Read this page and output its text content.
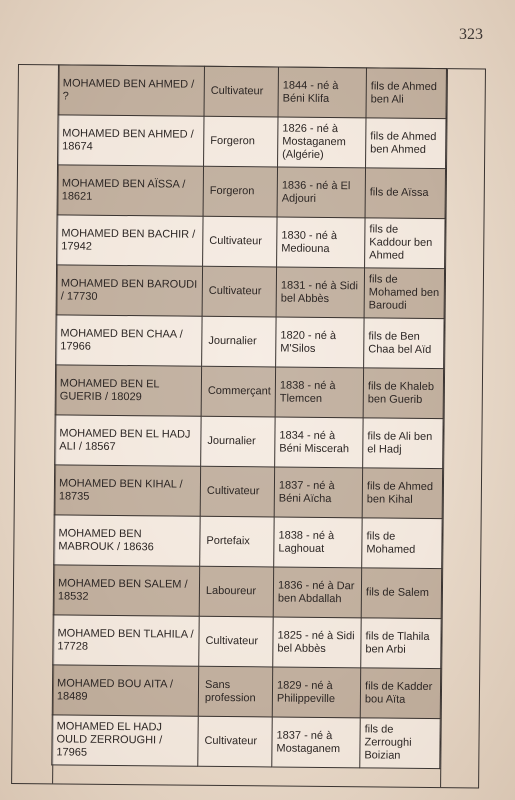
323
MOHAMED BEN AHMED / ?	Cultivateur	1844 - né à Béni Klifa	fils de Ahmed ben Ali
MOHAMED BEN AHMED / 18674	Forgeron	1826 - né à Mostaganem (Algérie)	fils de Ahmed ben Ahmed
MOHAMED BEN AÏSSA / 18621	Forgeron	1836 - né à El Adjouri	fils de Aïssa
MOHAMED BEN BACHIR / 17942	Cultivateur	1830 - né à Mediouna	fils de Kaddour ben Ahmed
MOHAMED BEN BAROUDI / 17730	Cultivateur	1831 - né à Sidi bel Abbès	fils de Mohamed ben Baroudi
MOHAMED BEN CHAA / 17966	Journalier	1820 - né à M'Silos	fils de Ben Chaa bel Aïd
MOHAMED BEN EL GUERIB / 18029	Commerçant	1838 - né à Tlemcen	fils de Khaleb ben Guerib
MOHAMED BEN EL HADJ ALI / 18567	Journalier	1834 - né à Béni Miscerah	fils de Ali ben el Hadj
MOHAMED BEN KIHAL / 18735	Cultivateur	1837 - né à Béni Aïcha	fils de Ahmed ben Kihal
MOHAMED BEN MABROUK / 18636	Portefaix	1838 - né à Laghouat	fils de Mohamed
MOHAMED BEN SALEM / 18532	Laboureur	1836 - né à Dar ben Abdallah	fils de Salem
MOHAMED BEN TLAHILA / 17728	Cultivateur	1825 - né à Sidi bel Abbès	fils de Tlahila ben Arbi
MOHAMED BOU AITA / 18489	Sans profession	1829 - né à Philippeville	fils de Kadder bou Aïta
MOHAMED EL HADJ OULD ZERROUGHI / 17965	Cultivateur	1837 - né à Mostaganem	fils de Zerroughi Boizian
